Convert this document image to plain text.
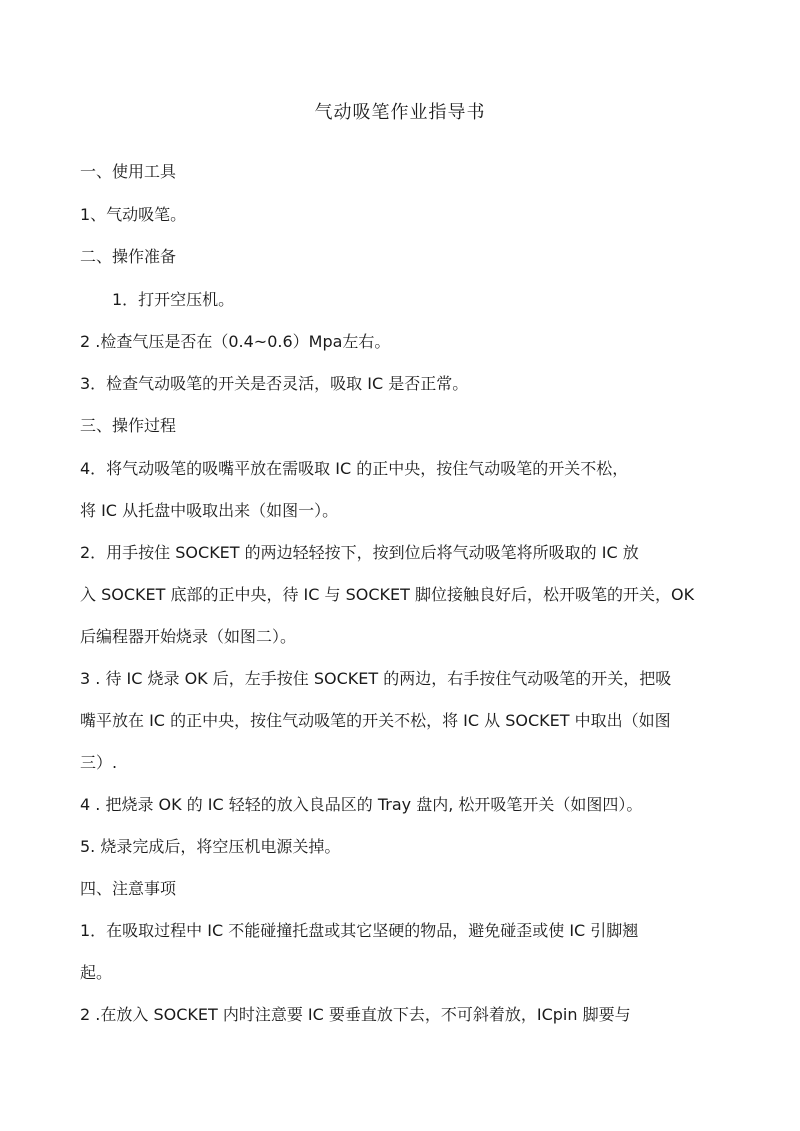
气动吸笔作业指导书
一、使用工具
1、气动吸笔。
二、操作准备
1．打开空压机。
2 .检查气压是否在（0.4~0.6）Mpa左右。
3．检查气动吸笔的开关是否灵活，吸取 IC 是否正常。
三、操作过程
4．将气动吸笔的吸嘴平放在需吸取 IC 的正中央，按住气动吸笔的开关不松，
将 IC 从托盘中吸取出来（如图一）。
2．用手按住 SOCKET 的两边轻轻按下，按到位后将气动吸笔将所吸取的 IC 放
入 SOCKET 底部的正中央，待 IC 与 SOCKET 脚位接触良好后，松开吸笔的开关，OK
后编程器开始烧录（如图二）。
3 . 待 IC 烧录 OK 后，左手按住 SOCKET 的两边，右手按住气动吸笔的开关，把吸
嘴平放在 IC 的正中央，按住气动吸笔的开关不松，将 IC 从 SOCKET 中取出（如图
三）.
4 . 把烧录 OK 的 IC 轻轻的放入良品区的 Tray 盘内, 松开吸笔开关（如图四）。
5. 烧录完成后，将空压机电源关掉。
四、注意事项
1．在吸取过程中 IC 不能碰撞托盘或其它坚硬的物品，避免碰歪或使 IC 引脚翘
起。
2 .在放入 SOCKET 内时注意要 IC 要垂直放下去，不可斜着放，ICpin 脚要与
